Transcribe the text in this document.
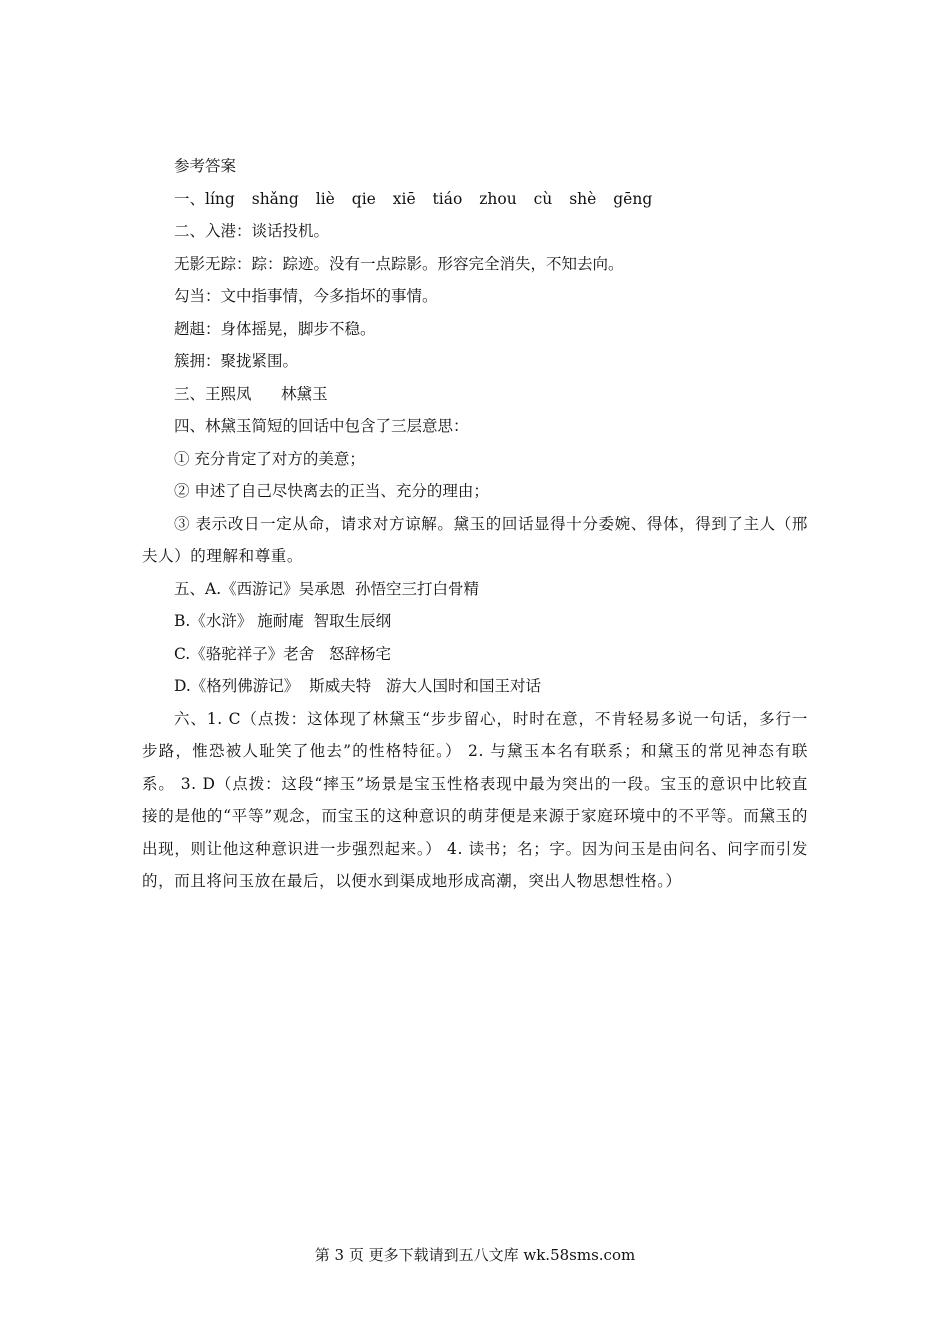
参考答案
一、líng shǎng liè qie xiē tiáo zhou cù shè gēng
二、入港：谈话投机。
无影无踪：踪：踪迹。没有一点踪影。形容完全消失，不知去向。
勾当：文中指事情，今多指坏的事情。
趔趄：身体摇晃，脚步不稳。
簇拥：聚拢紧围。
三、王熙凤      林黛玉
四、林黛玉简短的回话中包含了三层意思：
① 充分肯定了对方的美意；
② 申述了自己尽快离去的正当、充分的理由；
③ 表示改日一定从命，请求对方谅解。黛玉的回话显得十分委婉、得体，得到了主人（邢夫人）的理解和尊重。
五、A.《西游记》吴承恩  孙悟空三打白骨精
B.《水浒》 施耐庵  智取生辰纲
C.《骆驼祥子》老舍   怒辞杨宅
D.《格列佛游记》  斯威夫特   游大人国时和国王对话
六、1. C（点拨：这体现了林黛玉“步步留心，时时在意，不肯轻易多说一句话，多行一步路，惟恐被人耻笑了他去”的性格特征。） 2. 与黛玉本名有联系；和黛玉的常见神态有联系。 3. D（点拨：这段“摔玉”场景是宝玉性格表现中最为突出的一段。宝玉的意识中比较直接的是他的“平等”观念，而宝玉的这种意识的萌芽便是来源于家庭环境中的不平等。而黛玉的出现，则让他这种意识进一步强烈起来。） 4. 读书；名；字。因为问玉是由问名、问字而引发的，而且将问玉放在最后，以便水到渠成地形成高潮，突出人物思想性格。）
第 3 页 更多下载请到五八文库 wk.58sms.com
